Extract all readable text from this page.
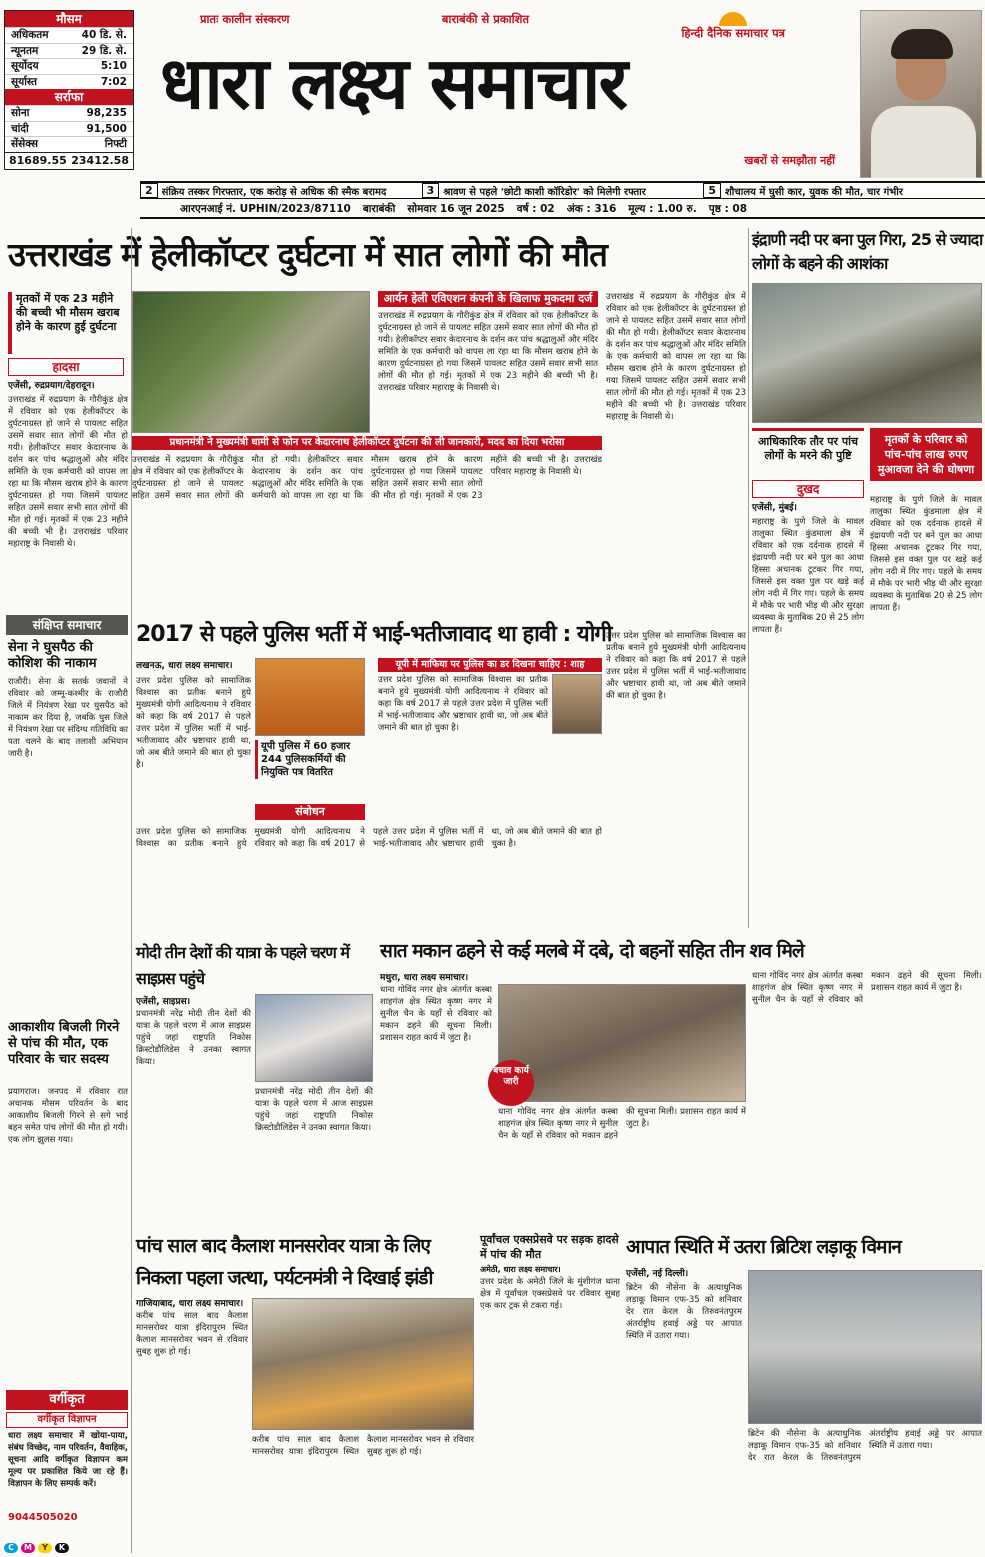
मौसम
अधिकतम	40 डि. से.
न्यूनतम	29 डि. से.
सूर्योदय	5:10
सूर्यास्त	7:02
सर्राफा
सोना	98,235
चांदी	91,500
सेंसेक्स	निफ्टी
81689.55 23412.58
प्रातः कालीन संस्करण	बाराबंकी से प्रकाशित
हिन्दी दैनिक समाचार पत्र
धारा लक्ष्य समाचार
खबरों से समझौता नहीं
2 संक्रिय तस्कर गिरफ्तार, एक करोड़ से अधिक की स्मैक बरामद	3 श्रावण से पहले 'छोटी काशी कॉरिडोर' को मिलेगी रफ्तार	5 शौचालय में घुसी कार, युवक की मौत, चार गंभीर
आरएनआई नं. UPHIN/2023/87110 बाराबंकी सोमवार 16 जून 2025 वर्ष : 02 अंक : 316 मूल्य : 1.00 रु. पृष्ठ : 08
उत्तराखंड में हेलीकॉप्टर दुर्घटना में सात लोगों की मौत
मृतकों में एक 23 महीने की बच्ची भी मौसम खराब होने के कारण हुई दुर्घटना
हादसा
एजेंसी, रुद्रप्रयाग/देहरादून।
उत्तराखंड में रुद्रप्रयाग के गौरीकुंड क्षेत्र में रविवार को एक हेलीकॉप्टर के दुर्घटनाग्रस्त हो जाने से पायलट सहित उसमें सवार सात लोगों की मौत हो गयी। हेलीकॉप्टर सवार केदारनाथ के दर्शन कर पांच श्रद्धालुओं और मंदिर समिति के एक कर्मचारी को वापस ला रहा था कि मौसम खराब होने के कारण दुर्घटनाग्रस्त हो गया जिसमें पायलट सहित उसमें सवार सभी सात लोगों की मौत हो गई। मृतकों में एक 23 महीने की बच्ची भी है। उत्तराखंड परिवार महाराष्ट्र के निवासी थे।
आर्यन हेली एविएशन कंपनी के खिलाफ मुकदमा दर्ज
उत्तराखंड में रुद्रप्रयाग के गौरीकुंड क्षेत्र में रविवार को एक हेलीकॉप्टर के दुर्घटनाग्रस्त हो जाने से पायलट सहित उसमें सवार सात लोगों की मौत हो गयी। हेलीकॉप्टर सवार केदारनाथ के दर्शन कर पांच श्रद्धालुओं और मंदिर समिति के एक कर्मचारी को वापस ला रहा था कि मौसम खराब होने के कारण दुर्घटनाग्रस्त हो गया जिसमें पायलट सहित उसमें सवार सभी सात लोगों की मौत हो गई। मृतकों में एक 23 महीने की बच्ची भी है। उत्तराखंड परिवार महाराष्ट्र के निवासी थे।
उत्तराखंड में रुद्रप्रयाग के गौरीकुंड क्षेत्र में रविवार को एक हेलीकॉप्टर के दुर्घटनाग्रस्त हो जाने से पायलट सहित उसमें सवार सात लोगों की मौत हो गयी। हेलीकॉप्टर सवार केदारनाथ के दर्शन कर पांच श्रद्धालुओं और मंदिर समिति के एक कर्मचारी को वापस ला रहा था कि मौसम खराब होने के कारण दुर्घटनाग्रस्त हो गया जिसमें पायलट सहित उसमें सवार सभी सात लोगों की मौत हो गई। मृतकों में एक 23 महीने की बच्ची भी है। उत्तराखंड परिवार महाराष्ट्र के निवासी थे।
प्रधानमंत्री ने मुख्यमंत्री धामी से फोन पर केदारनाथ हेलीकॉप्टर दुर्घटना की ली जानकारी, मदद का दिया भरोसा
उत्तराखंड में रुद्रप्रयाग के गौरीकुंड क्षेत्र में रविवार को एक हेलीकॉप्टर के दुर्घटनाग्रस्त हो जाने से पायलट सहित उसमें सवार सात लोगों की मौत हो गयी। हेलीकॉप्टर सवार केदारनाथ के दर्शन कर पांच श्रद्धालुओं और मंदिर समिति के एक कर्मचारी को वापस ला रहा था कि मौसम खराब होने के कारण दुर्घटनाग्रस्त हो गया जिसमें पायलट सहित उसमें सवार सभी सात लोगों की मौत हो गई। मृतकों में एक 23 महीने की बच्ची भी है। उत्तराखंड परिवार महाराष्ट्र के निवासी थे।
इंद्राणी नदी पर बना पुल गिरा, 25 से ज्यादा लोगों के बहने की आशंका
आधिकारिक तौर पर पांच लोगों के मरने की पुष्टि
दुखद
एजेंसी, मुंबई।
मृतकों के परिवार को पांच-पांच लाख रुपए मुआवजा देने की घोषणा
महाराष्ट्र के पुणे जिले के मावल तालुका स्थित कुंडमाला क्षेत्र में रविवार को एक दर्दनाक हादसे में इंद्रायणी नदी पर बने पुल का आधा हिस्सा अचानक टूटकर गिर गया, जिससे इस वक्त पुल पर खड़े कई लोग नदी में गिर गए। पहले के समय में मौके पर भारी भीड़ थी और सुरक्षा व्यवस्था के मुताबिक 20 से 25 लोग लापता हैं।
महाराष्ट्र के पुणे जिले के मावल तालुका स्थित कुंडमाला क्षेत्र में रविवार को एक दर्दनाक हादसे में इंद्रायणी नदी पर बने पुल का आधा हिस्सा अचानक टूटकर गिर गया, जिससे इस वक्त पुल पर खड़े कई लोग नदी में गिर गए। पहले के समय में मौके पर भारी भीड़ थी और सुरक्षा व्यवस्था के मुताबिक 20 से 25 लोग लापता हैं।
2017 से पहले पुलिस भर्ती में भाई-भतीजावाद था हावी : योगी
लखनऊ, धारा लक्ष्य समाचार।
यूपी पुलिस में 60 हजार 244 पुलिसकर्मियों की नियुक्ति पत्र वितरित
संबोधन
उत्तर प्रदेश पुलिस को सामाजिक विश्वास का प्रतीक बनाने हुये मुख्यमंत्री योगी आदित्यनाथ ने रविवार को कहा कि वर्ष 2017 से पहले उत्तर प्रदेश में पुलिस भर्ती में भाई-भतीजावाद और भ्रष्टाचार हावी था, जो अब बीते जमाने की बात हो चुका है।
यूपी में माफिया पर पुलिस का डर दिखना चाहिए : शाह
उत्तर प्रदेश पुलिस को सामाजिक विश्वास का प्रतीक बनाने हुये मुख्यमंत्री योगी आदित्यनाथ ने रविवार को कहा कि वर्ष 2017 से पहले उत्तर प्रदेश में पुलिस भर्ती में भाई-भतीजावाद और भ्रष्टाचार हावी था, जो अब बीते जमाने की बात हो चुका है।
उत्तर प्रदेश पुलिस को सामाजिक विश्वास का प्रतीक बनाने हुये मुख्यमंत्री योगी आदित्यनाथ ने रविवार को कहा कि वर्ष 2017 से पहले उत्तर प्रदेश में पुलिस भर्ती में भाई-भतीजावाद और भ्रष्टाचार हावी था, जो अब बीते जमाने की बात हो चुका है।
उत्तर प्रदेश पुलिस को सामाजिक विश्वास का प्रतीक बनाने हुये मुख्यमंत्री योगी आदित्यनाथ ने रविवार को कहा कि वर्ष 2017 से पहले उत्तर प्रदेश में पुलिस भर्ती में भाई-भतीजावाद और भ्रष्टाचार हावी था, जो अब बीते जमाने की बात हो चुका है।
संक्षिप्त समाचार
सेना ने घुसपैठ की कोशिश की नाकाम
राजौरी। सेना के सतर्क जवानों ने रविवार को जम्मू-कश्मीर के राजौरी जिले में नियंत्रण रेखा पर घुसपैठ को नाकाम कर दिया है, जबकि घुस जिले में नियंत्रण रेखा पर संदिग्ध गतिविधि का पता चलने के बाद तलाशी अभियान जारी है।
आकाशीय बिजली गिरने से पांच की मौत, एक परिवार के चार सदस्य
प्रयागराज। जनपद में रविवार रात अचानक मौसम परिवर्तन के बाद आकाशीय बिजली गिरने से सगे भाई बहन समेत पांच लोगों की मौत हो गयी। एक लोग झुलस गया।
वर्गीकृत
वर्गीकृत विज्ञापन
धारा लक्ष्य समाचार में खोया-पाया, संबंध विच्छेद, नाम परिवर्तन, वैवाहिक, सूचना आदि वर्गीकृत विज्ञापन कम मूल्य पर प्रकाशित किये जा रहे हैं। विज्ञापन के लिए सम्पर्क करें।
9044505020
मोदी तीन देशों की यात्रा के पहले चरण में साइप्रस पहुंचे
एजेंसी, साइप्रस।
प्रधानमंत्री नरेंद्र मोदी तीन देशों की यात्रा के पहले चरण में आज साइप्रस पहुंचे जहां राष्ट्रपति निकोस क्रिस्टोडौलिडेस ने उनका स्वागत किया।
प्रधानमंत्री नरेंद्र मोदी तीन देशों की यात्रा के पहले चरण में आज साइप्रस पहुंचे जहां राष्ट्रपति निकोस क्रिस्टोडौलिडेस ने उनका स्वागत किया।
सात मकान ढहने से कई मलबे में दबे, दो बहनों सहित तीन शव मिले
मथुरा, धारा लक्ष्य समाचार।
धाना गोविंद नगर क्षेत्र अंतर्गत कस्बा शाहगंज क्षेत्र स्थित कृष्ण नगर मे सुनील चैन के यहाँ से रविवार को मकान ढहने की सूचना मिली। प्रशासन राहत कार्य में जुटा है।
बचाव कार्य जारी
धाना गोविंद नगर क्षेत्र अंतर्गत कस्बा शाहगंज क्षेत्र स्थित कृष्ण नगर मे सुनील चैन के यहाँ से रविवार को मकान ढहने की सूचना मिली। प्रशासन राहत कार्य में जुटा है।
धाना गोविंद नगर क्षेत्र अंतर्गत कस्बा शाहगंज क्षेत्र स्थित कृष्ण नगर मे सुनील चैन के यहाँ से रविवार को मकान ढहने की सूचना मिली। प्रशासन राहत कार्य में जुटा है।
पांच साल बाद कैलाश मानसरोवर यात्रा के लिए निकला पहला जत्था, पर्यटनमंत्री ने दिखाई झंडी
गाजियाबाद, धारा लक्ष्य समाचार।
करीब पांच साल बाद कैलाश मानसरोवर यात्रा इंदिरापुरम स्थित कैलाश मानसरोवर भवन से रविवार सुबह शुरू हो गई।
करीब पांच साल बाद कैलाश मानसरोवर यात्रा इंदिरापुरम स्थित कैलाश मानसरोवर भवन से रविवार सुबह शुरू हो गई।
पूर्वांचल एक्सप्रेसवे पर सड़क हादसे में पांच की मौत
अमेठी, धारा लक्ष्य समाचार।
उत्तर प्रदेश के अमेठी जिले के मुंशीगंज थाना क्षेत्र में पूर्वांचल एक्सप्रेसवे पर रविवार सुबह एक कार ट्रक से टकरा गई।
आपात स्थिति में उतरा ब्रिटिश लड़ाकू विमान
एजेंसी, नई दिल्ली।
ब्रिटेन की नौसेना के अत्याधुनिक लड़ाकू विमान एफ-35 को शनिवार देर रात केरल के तिरुवनंतपुरम अंतर्राष्ट्रीय हवाई अड्डे पर आपात स्थिति में उतारा गया।
ब्रिटेन की नौसेना के अत्याधुनिक लड़ाकू विमान एफ-35 को शनिवार देर रात केरल के तिरुवनंतपुरम अंतर्राष्ट्रीय हवाई अड्डे पर आपात स्थिति में उतारा गया।
C	M	Y	K
